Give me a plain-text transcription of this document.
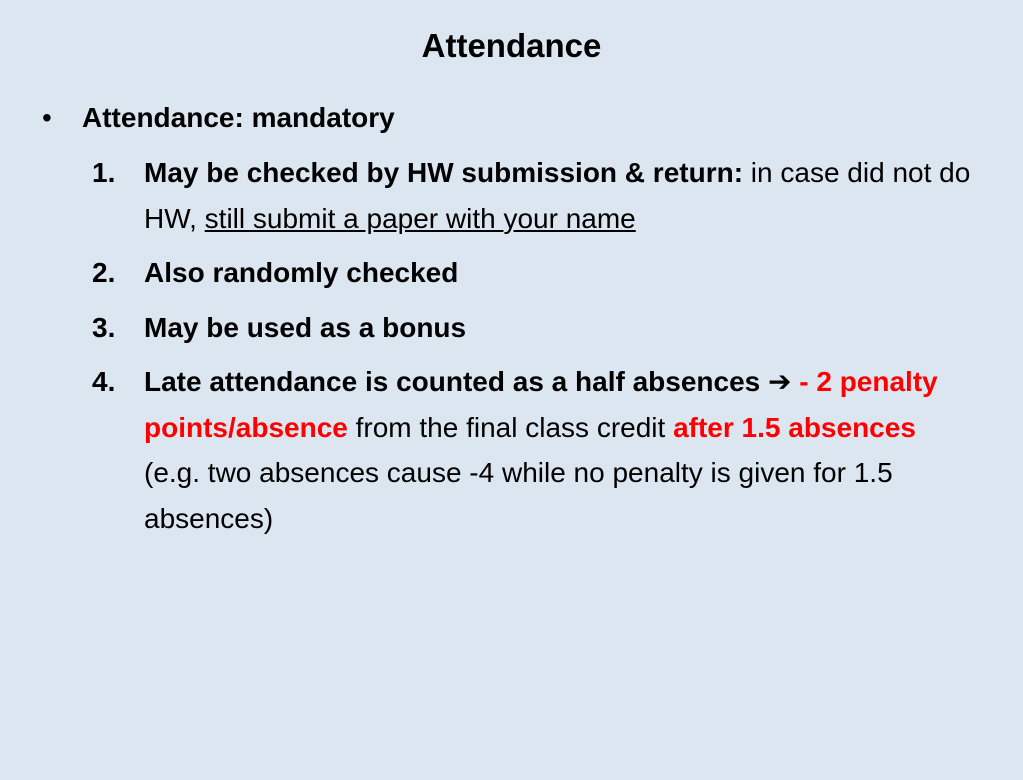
Attendance
• Attendance: mandatory
1. May be checked by HW submission & return: in case did not do HW, still submit a paper with your name
2. Also randomly checked
3. May be used as a bonus
4. Late attendance is counted as a half absences ➔ - 2 penalty points/absence from the final class credit after 1.5 absences (e.g. two absences cause -4 while no penalty is given for 1.5 absences)
